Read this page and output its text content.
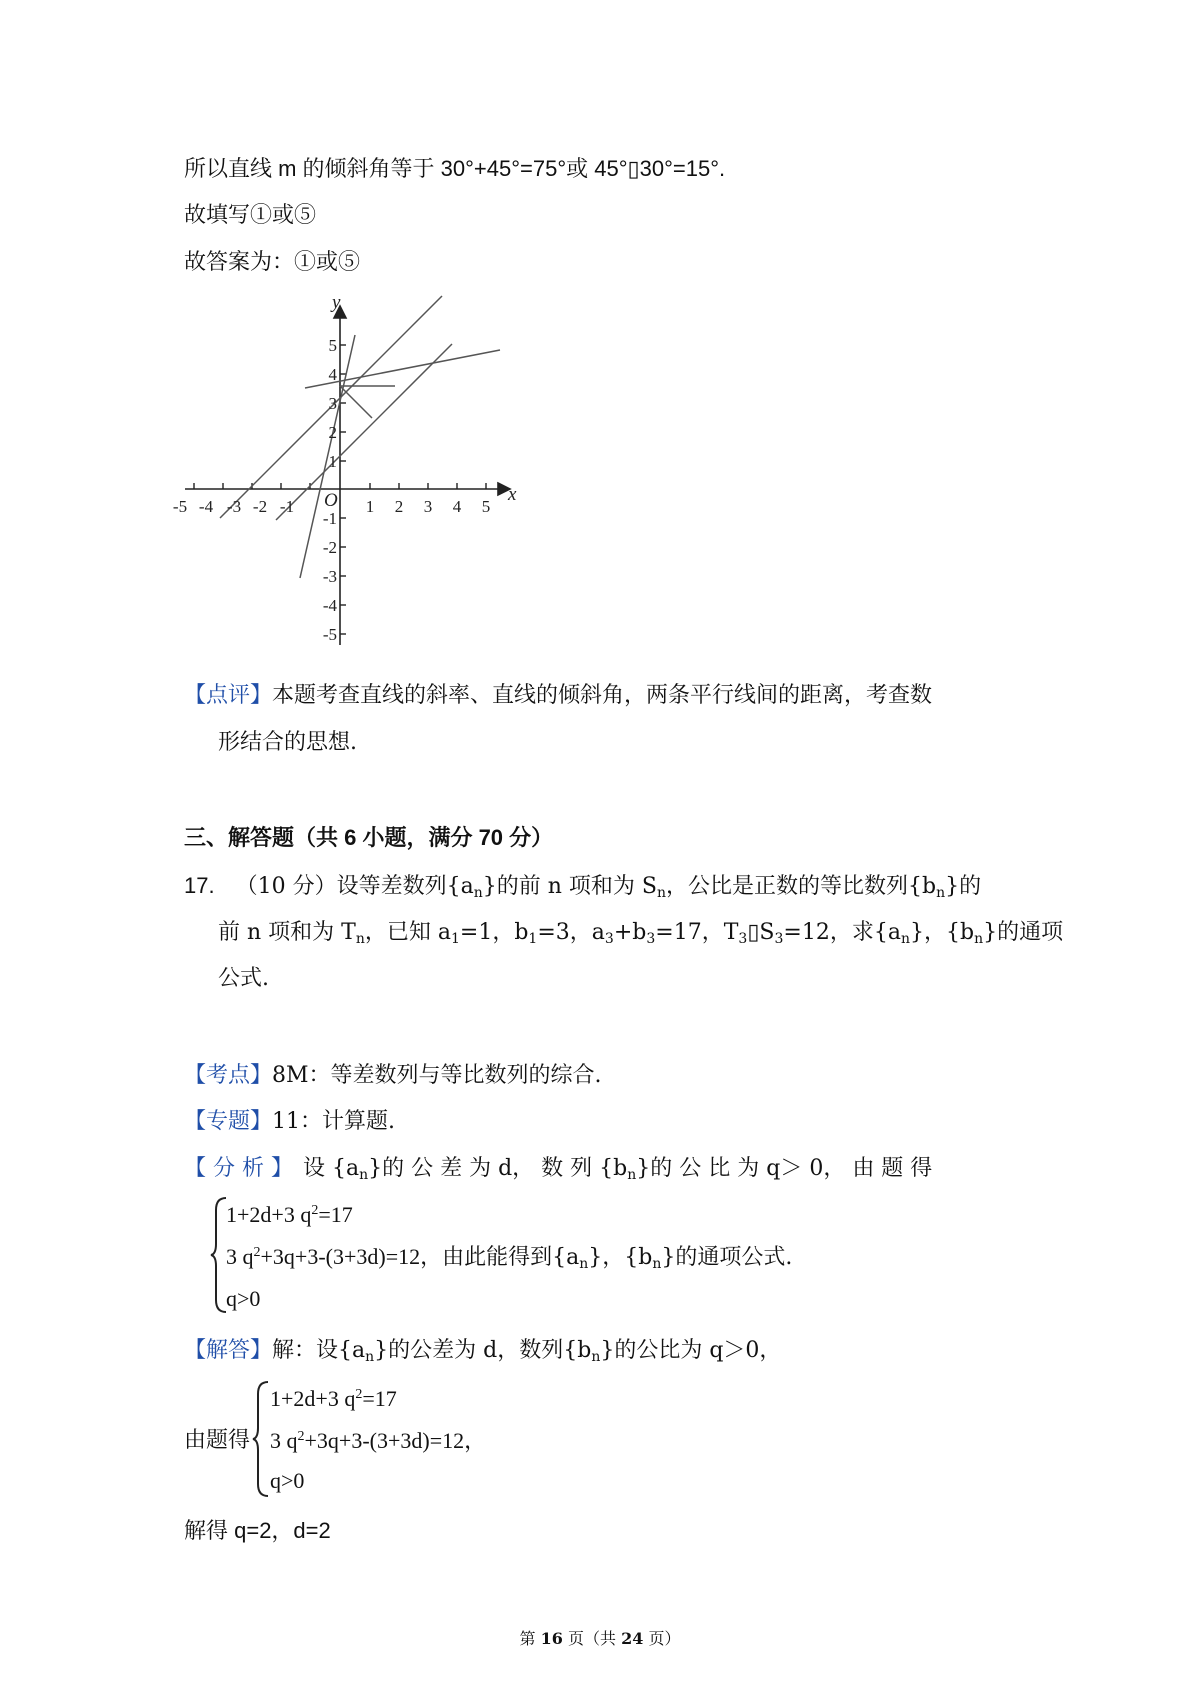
所以直线 m 的倾斜角等于 30°+45°=75°或 45°▯30°=15°.
故填写①或⑤
故答案为：①或⑤
y
x
O
-5 -4 -3 -2 -1	1 2 3 4 5
5
4
3
2
1
-1
-2
-3
-4
-5
【点评】本题考查直线的斜率、直线的倾斜角，两条平行线间的距离，考查数
形结合的思想.
三、解答题（共 6 小题，满分 70 分）
17. （10 分）设等差数列$\{a_n\}$的前 n 项和为 $S_n$，公比是正数的等比数列$\{b_n\}$的
前 n 项和为 $T_n$，已知 $a_1=1$，$b_1=3$，$a_3+b_3=17$，$T_3▯S_3=12$，求$\{a_n\}$，$\{b_n\}$的通项
公式.
【考点】8M：等差数列与等比数列的综合.
【专题】11：计算题.
【 分 析 】 设 $\{a_n\}$的 公 差 为 d， 数 列 $\{b_n\}$的 公 比 为 q＞ 0， 由 题 得
1+2d+3 $q^2=17$
3 $q^2+3q+3-(3+3d)=12$，由此能得到$\{a_n\}$，$\{b_n\}$的通项公式.
q>0
【解答】解：设$\{a_n\}$的公差为 d，数列$\{b_n\}$的公比为 q＞0，
由题得
1+2d+3 $q^2=17$
3 $q^2+3q+3-(3+3d)=12$，
q>0
解得 q=2，d=2
第 16 页（共 24 页）
